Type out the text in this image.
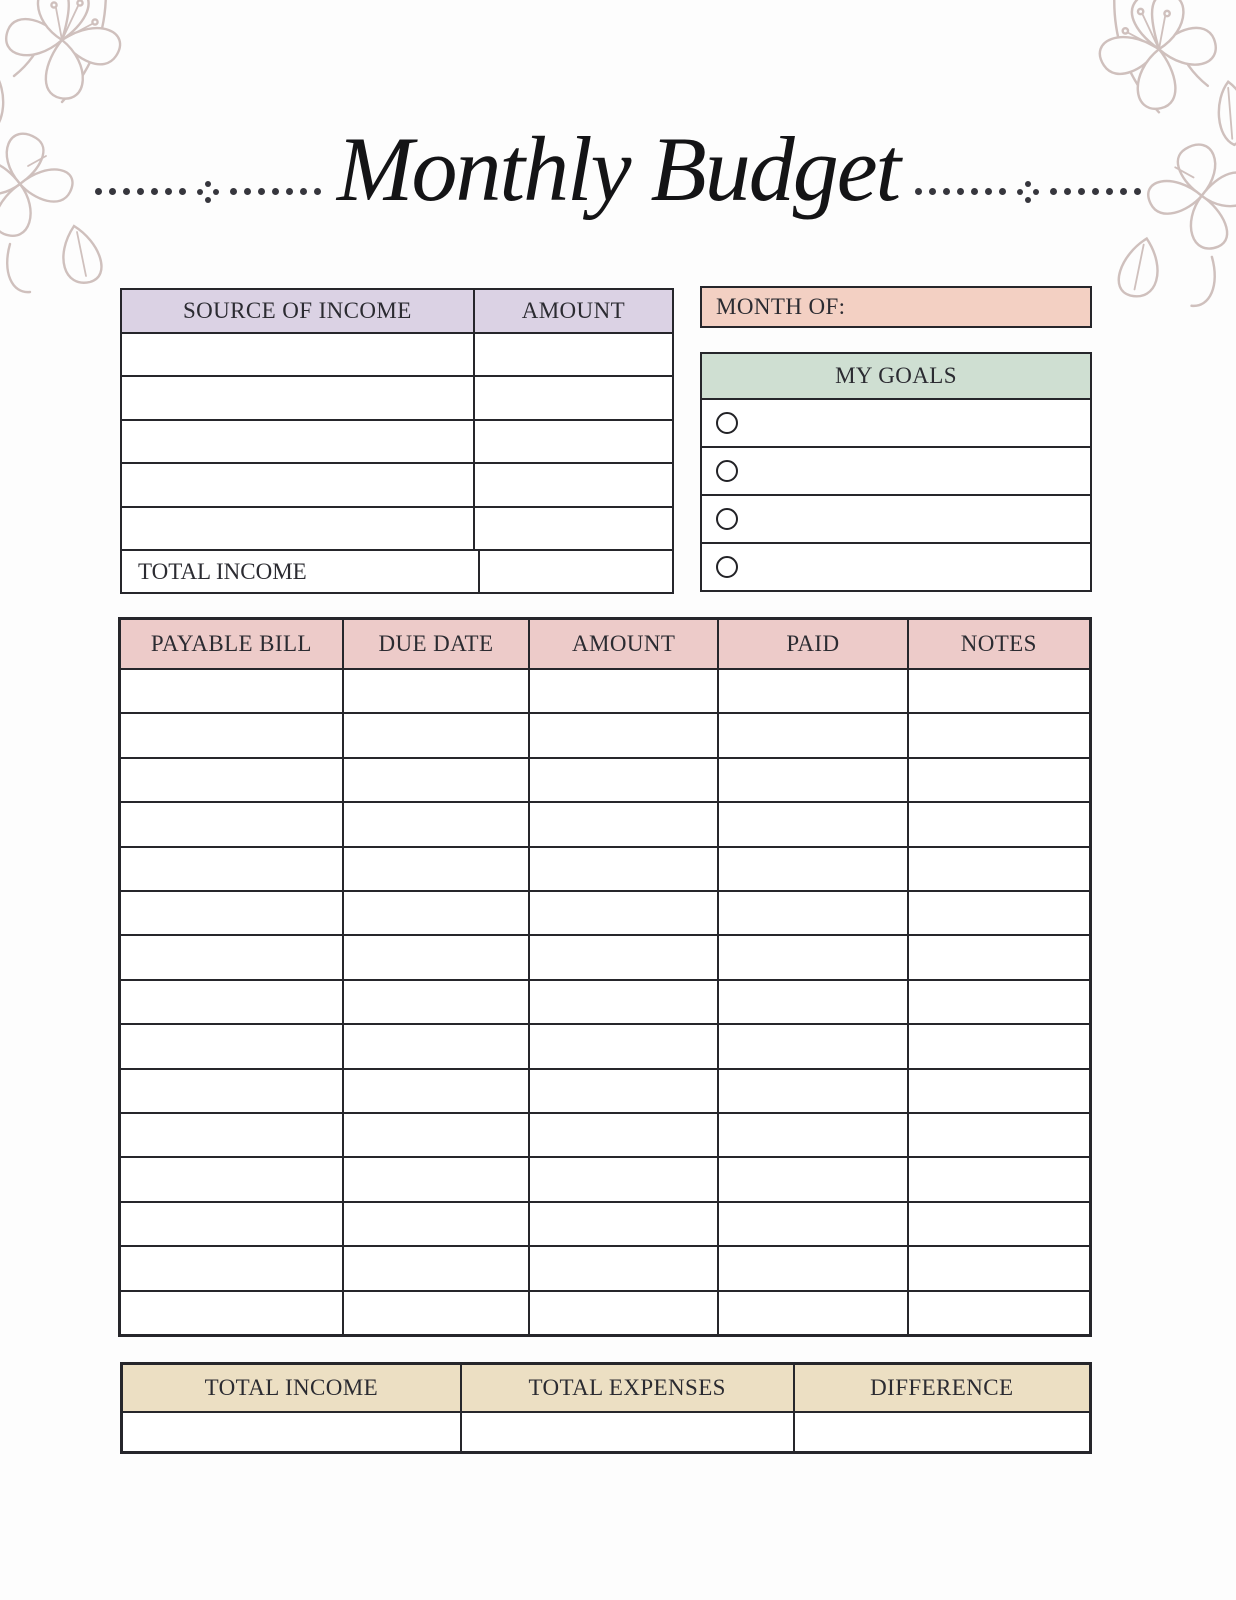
Monthly Budget
SOURCE OF INCOME	AMOUNT
TOTAL INCOME
MONTH OF:
MY GOALS
PAYABLE BILL	DUE DATE	AMOUNT	PAID	NOTES
TOTAL INCOME	TOTAL EXPENSES	DIFFERENCE
